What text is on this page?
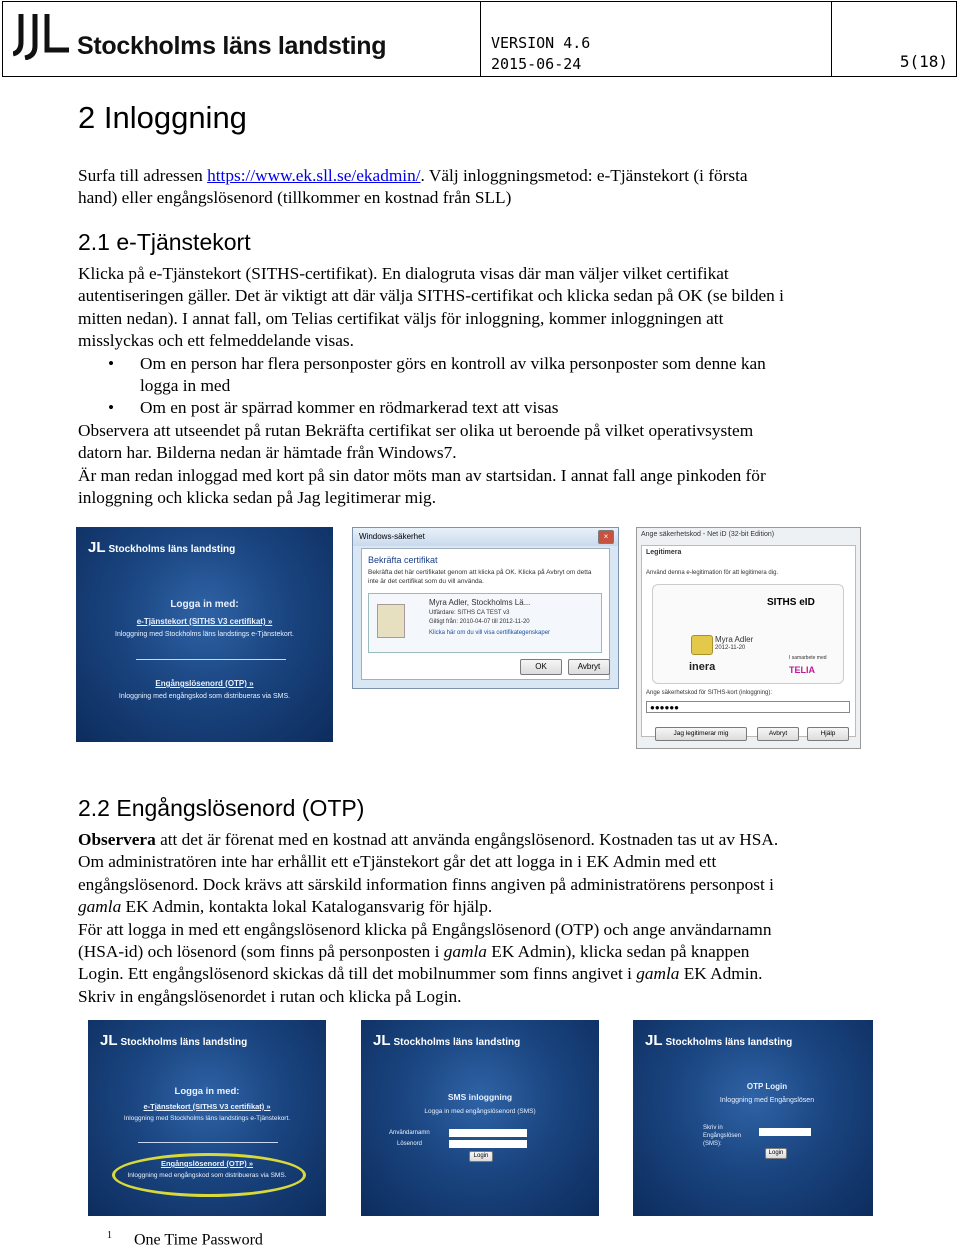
Stockholms läns landsting	VERSION 4.6
2015-06-24	5(18)
2 Inloggning

Surfa till adressen https://www.ek.sll.se/ekadmin/. Välj inloggningsmetod: e-Tjänstekort (i första

hand) eller engångslösenord (tillkommer en kostnad från SLL)

2.1 e-Tjänstekort

Klicka på e-Tjänstekort (SITHS-certifikat). En dialogruta visas där man väljer vilket certifikat

autentiseringen gäller. Det är viktigt att där välja SITHS-certifikat och klicka sedan på OK (se bilden i

mitten nedan). I annat fall, om Telias certifikat väljs för inloggning, kommer inloggningen att

misslyckas och ett felmeddelande visas.

• Om en person har flera personposter görs en kontroll av vilka personposter som denne kan
logga in med
• Om en post är spärrad kommer en rödmarkerad text att visas

Observera att utseendet på rutan Bekräfta certifikat ser olika ut beroende på vilket operativsystem

datorn har. Bilderna nedan är hämtade från Windows7.

Är man redan inloggad med kort på sin dator möts man av startsidan. I annat fall ange pinkoden för

inloggning och klicka sedan på Jag legitimerar mig.

JL Stockholms läns landsting
Logga in med:
e-Tjänstekort (SITHS V3 certifikat) »
Inloggning med Stockholms läns landstings e-Tjänstekort.
Engångslösenord (OTP) »
Inloggning med engångskod som distribueras via SMS.
Windows-säkerhet	×
Bekräfta certifikat
Bekräfta det här certifikatet genom att klicka på OK. Klicka på Avbryt om detta
inte är det certifikat som du vill använda.
Myra Adler, Stockholms Lä...
Utfärdare: SITHS CA TEST v3
Giltigt från: 2010-04-07 till 2012-11-20
Klicka här om du vill visa certifikategenskaper
OK	Avbryt
Ange säkerhetskod - Net iD (32-bit Edition)
Legitimera
Använd denna e-legitimation för att legitimera dig.
SITHS eID
Myra Adler
2012-11-20
inera
I samarbete med
TELIA
Ange säkerhetskod för SITHS-kort (inloggning):
●●●●●●
Jag legitimerar mig	Avbryt	Hjälp
2.2 Engångslösenord (OTP)

Observera att det är förenat med en kostnad att använda engångslösenord. Kostnaden tas ut av HSA.

Om administratören inte har erhållit ett eTjänstekort går det att logga in i EK Admin med ett

engångslösenord. Dock krävs att särskild information finns angiven på administratörens personpost i

gamla EK Admin, kontakta lokal Katalogansvarig för hjälp.

För att logga in med ett engångslösenord klicka på Engångslösenord (OTP) och ange användarnamn

(HSA-id) och lösenord (som finns på personposten i gamla EK Admin), klicka sedan på knappen

Login. Ett engångslösenord skickas då till det mobilnummer som finns angivet i gamla EK Admin.

Skriv in engångslösenordet i rutan och klicka på Login.

JL Stockholms läns landsting
Logga in med:
e-Tjänstekort (SITHS V3 certifikat) »
Inloggning med Stockholms läns landstings e-Tjänstekort.
Engångslösenord (OTP) »
Inloggning med engångskod som distribueras via SMS.
JL Stockholms läns landsting
SMS inloggning
Logga in med engångslösenord (SMS)
Användarnamn
Lösenord
Login
JL Stockholms läns landsting
OTP Login
Inloggning med Engångslösen
Skriv in Engångslösen (SMS):
Login
$^1$ One Time Password
